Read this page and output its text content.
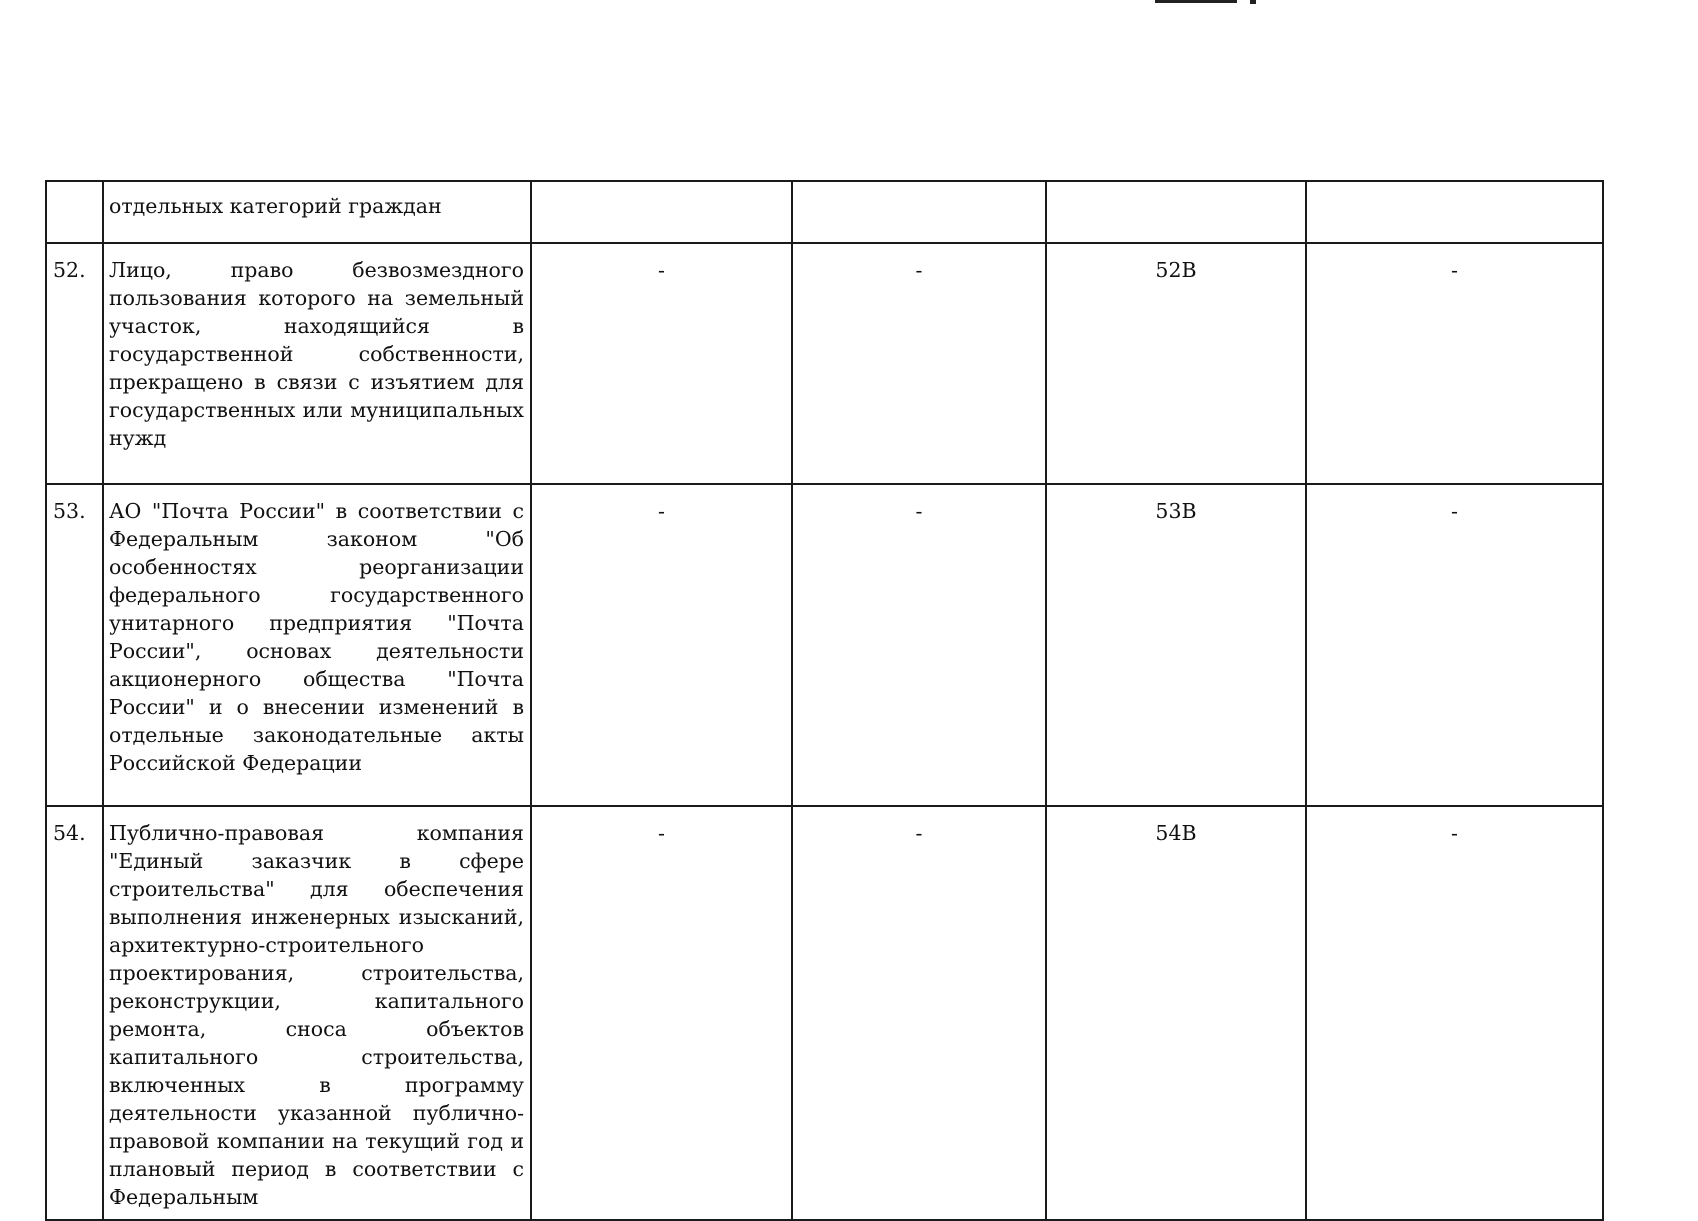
	отдельных категорий граждан				
52.	Лицо, право безвозмездного пользования которого на земельный участок, находящийся в государственной собственности, прекращено в связи с изъятием для государственных или муниципальных нужд	-	-	52В	-
53.	АО "Почта России" в соответствии с Федеральным законом "Об особенностях реорганизации федерального государственного унитарного предприятия "Почта России", основах деятельности акционерного общества "Почта России" и о внесении изменений в отдельные законодательные акты Российской Федерации	-	-	53В	-
54.	Публично-правовая компания "Единый заказчик в сфере строительства" для обеспечения выполнения инженерных изысканий, архитектурно-строительного проектирования, строительства, реконструкции, капитального ремонта, сноса объектов капитального строительства, включенных в программу деятельности указанной публично-правовой компании на текущий год и плановый период в соответствии с Федеральным	-	-	54В	-
